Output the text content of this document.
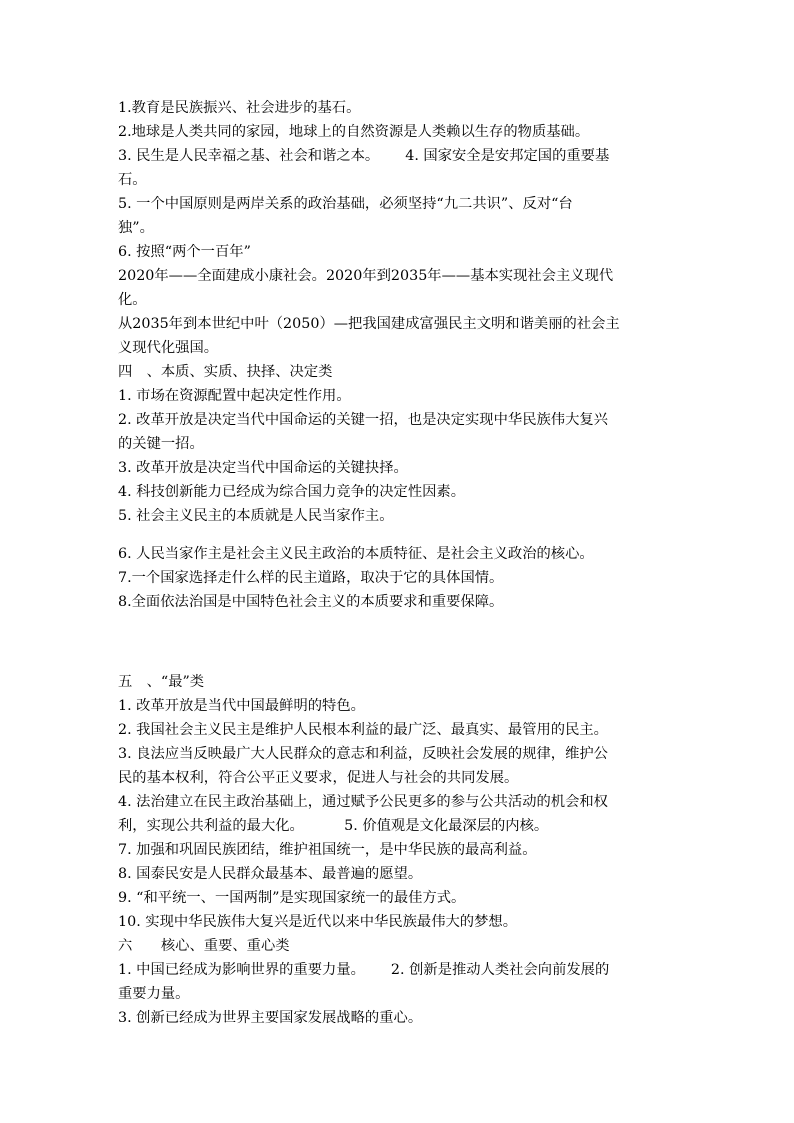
1.教育是民族振兴、社会进步的基石。
2.地球是人类共同的家园，地球上的自然资源是人类赖以生存的物质基础。
3. 民生是人民幸福之基、社会和谐之本。　　 4. 国家安全是安邦定国的重要基
石。
5. 一个中国原则是两岸关系的政治基础，必须坚持“九二共识”、反对“台
独”。
6. 按照“两个一百年”
2020年——全面建成小康社会。2020年到2035年——基本实现社会主义现代
化。
从2035年到本世纪中叶（2050）—把我国建成富强民主文明和谐美丽的社会主
义现代化强国。
四　、本质、实质、抉择、决定类
1. 市场在资源配置中起决定性作用。
2. 改革开放是决定当代中国命运的关键一招，也是决定实现中华民族伟大复兴
的关键一招。
3. 改革开放是决定当代中国命运的关键抉择。
4. 科技创新能力已经成为综合国力竞争的决定性因素。
5. 社会主义民主的本质就是人民当家作主。
6. 人民当家作主是社会主义民主政治的本质特征、是社会主义政治的核心。
7.一个国家选择走什么样的民主道路，取决于它的具体国情。
8.全面依法治国是中国特色社会主义的本质要求和重要保障。
五　、“最”类
1. 改革开放是当代中国最鲜明的特色。
2. 我国社会主义民主是维护人民根本利益的最广泛、最真实、最管用的民主。
3. 良法应当反映最广大人民群众的意志和利益，反映社会发展的规律，维护公
民的基本权利，符合公平正义要求，促进人与社会的共同发展。
4. 法治建立在民主政治基础上，通过赋予公民更多的参与公共活动的机会和权
利，实现公共利益的最大化。　　　 5. 价值观是文化最深层的内核。
7. 加强和巩固民族团结，维护祖国统一，是中华民族的最高利益。
8. 国泰民安是人民群众最基本、最普遍的愿望。
9. “和平统一、一国两制”是实现国家统一的最佳方式。
10. 实现中华民族伟大复兴是近代以来中华民族最伟大的梦想。
六　　核心、重要、重心类
1. 中国已经成为影响世界的重要力量。　　 2. 创新是推动人类社会向前发展的
重要力量。
3. 创新已经成为世界主要国家发展战略的重心。
